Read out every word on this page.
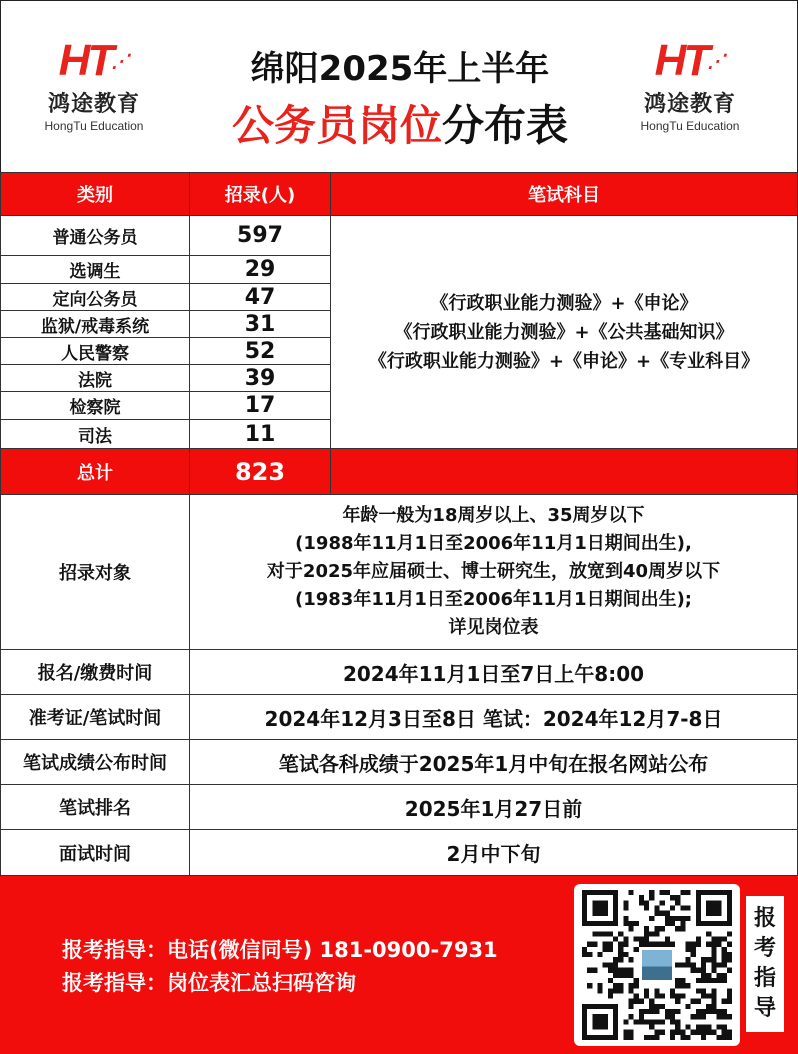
HT⋰
鸿途教育
HongTu Education
绵阳2025年上半年
公务员岗位分布表
HT⋰
鸿途教育
HongTu Education
类别	招录(人)	笔试科目
普通公务员	597
选调生	29
定向公务员	47
监狱/戒毒系统	31
人民警察	52
法院	39
检察院	17
司法	11
《行政职业能力测验》+《申论》
《行政职业能力测验》+《公共基础知识》
《行政职业能力测验》+《申论》+《专业科目》
总计	823
招录对象
年龄一般为18周岁以上、35周岁以下
(1988年11月1日至2006年11月1日期间出生),
对于2025年应届硕士、博士研究生，放宽到40周岁以下
(1983年11月1日至2006年11月1日期间出生);
详见岗位表
报名/缴费时间	2024年11月1日至7日上午8:00
准考证/笔试时间	2024年12月3日至8日 笔试：2024年12月7-8日
笔试成绩公布时间	笔试各科成绩于2025年1月中旬在报名网站公布
笔试排名	2025年1月27日前
面试时间	2月中下旬
报考指导：电话(微信同号) 181-0900-7931
报考指导：岗位表汇总扫码咨询
报
考
指
导
